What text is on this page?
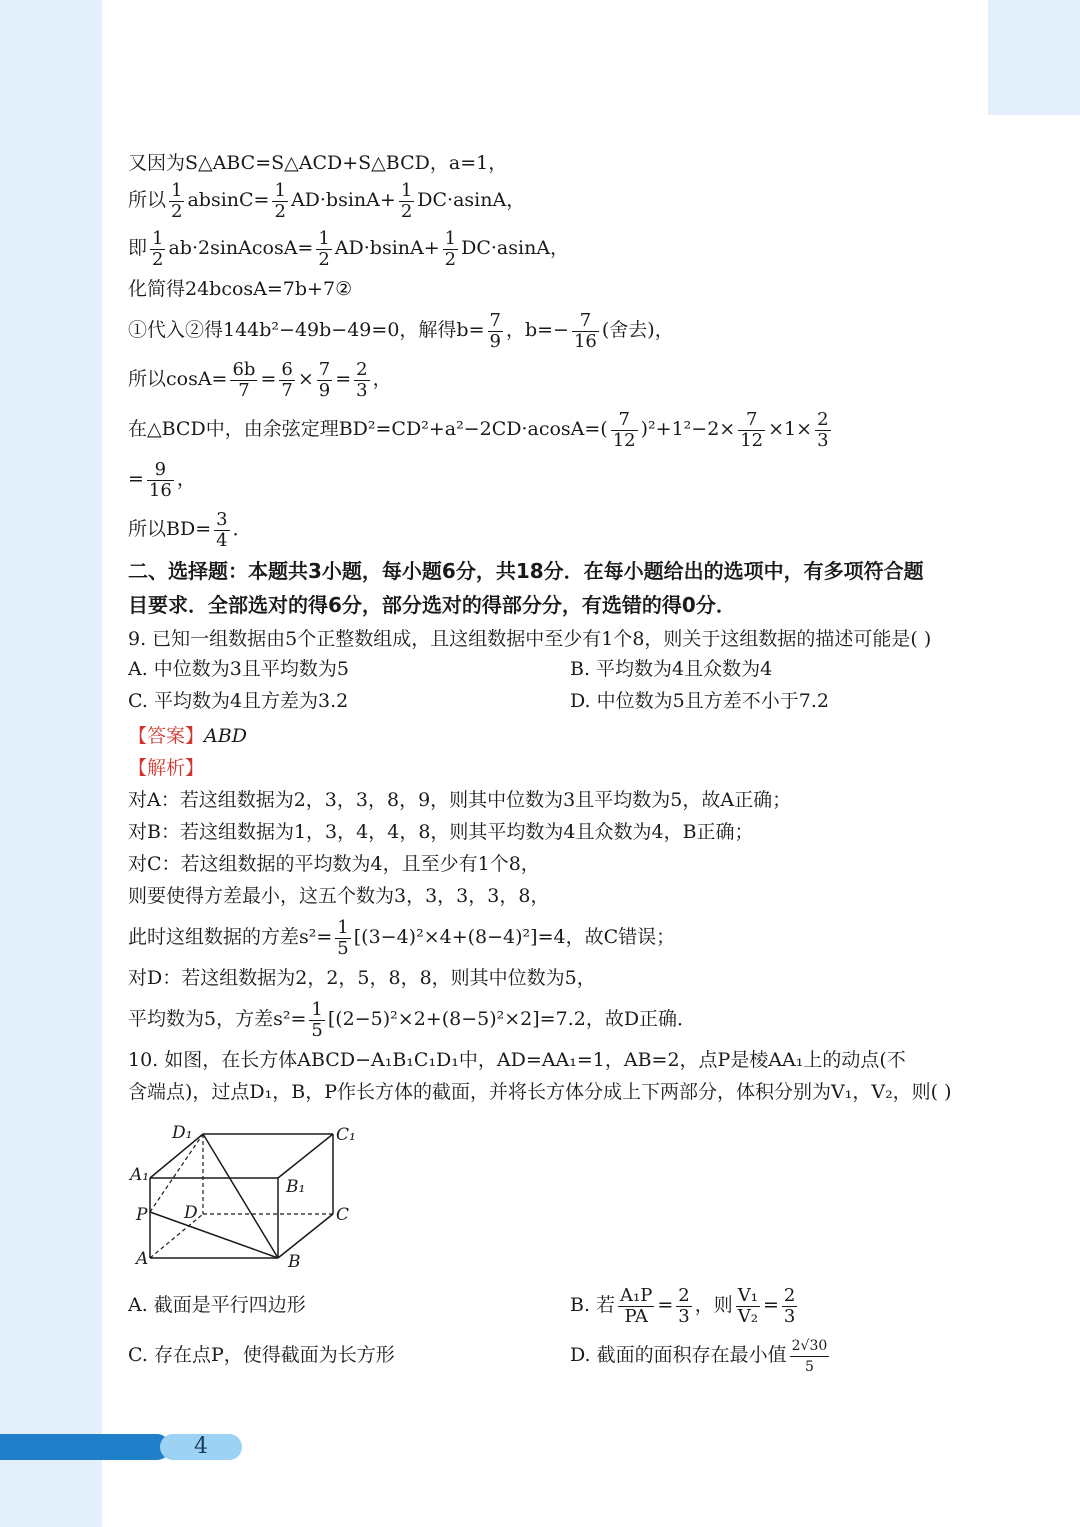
又因为S△ABC=S△ACD+S△BCD，a=1，
所以 $\frac{1}{2} absinC= \frac{1}{2} AD\cdot bsinA+ \frac{1}{2} DC\cdot asinA$，
即 $\frac{1}{2}$ ab·2sinAcosA= $\frac{1}{2} AD\cdot bsinA+ \frac{1}{2} DC\cdot asinA$，
化简得24bcosA=7b+7②
①代入②得144b²−49b−49=0，解得$b= \frac{7}{9}$ ，$b=- \frac{7}{16}$ (舍去)，
所以$\cos A= \frac{6b}{7} = \frac{6}{7} \times \frac{7}{9} = \frac{2}{3}$ ，
在△BCD中，由余弦定理$BD^2=CD^2+a^2-2CD\cdot acosA=( \frac{7}{12} )^2+1^2-2\times \frac{7}{12} \times 1\times \frac{2}{3}$
= $\frac{9}{16}$ ，
所以$BD= \frac{3}{4}$ ．
二、选择题：本题共3小题，每小题6分，共18分．在每小题给出的选项中，有多项符合题
目要求．全部选对的得6分，部分选对的得部分分，有选错的得0分．
9. 已知一组数据由5个正整数组成，且这组数据中至少有1个8，则关于这组数据的描述可能是( )
A. 中位数为3且平均数为5	B. 平均数为4且众数为4
C. 平均数为4且方差为3.2	D. 中位数为5且方差不小于7.2
【答案】ABD
【解析】
对A：若这组数据为2，3，3，8，9，则其中位数为3且平均数为5，故A正确；
对B：若这组数据为1，3，4，4，8，则其平均数为4且众数为4，B正确；
对C：若这组数据的平均数为4，且至少有1个8，
则要使得方差最小，这五个数为3，3，3，3，8，
此时这组数据的方差$s^2= \frac{1}{5} [(3-4)^2\times 4+(8-4)^2]=4$，故C错误；
对D：若这组数据为2，2，5，8，8，则其中位数为5，
平均数为5，方差$s^2= \frac{1}{5} [(2-5)^2\times 2+(8-5)^2\times 2]=7.2$，故D正确．
10. 如图，在长方体ABCD−A₁B₁C₁D₁中，AD=AA₁=1，AB=2，点P是棱AA₁上的动点(不
含端点)，过点D₁，B，P作长方体的截面，并将长方体分成上下两部分，体积分别为V₁，V₂，则( )
D₁	C₁
A₁
B₁
P D	C
A	B
A. 截面是平行四边形	B. 若 $\frac{\text{A₁P}}{PA} = \frac{2}{3}$ ，则 $\frac{\text{V₁}}{\text{V₂}} = \frac{2}{3}$
C. 存在点P，使得截面为长方形	D. 截面的面积存在最小值 $\frac{2√30}{5}$
4
